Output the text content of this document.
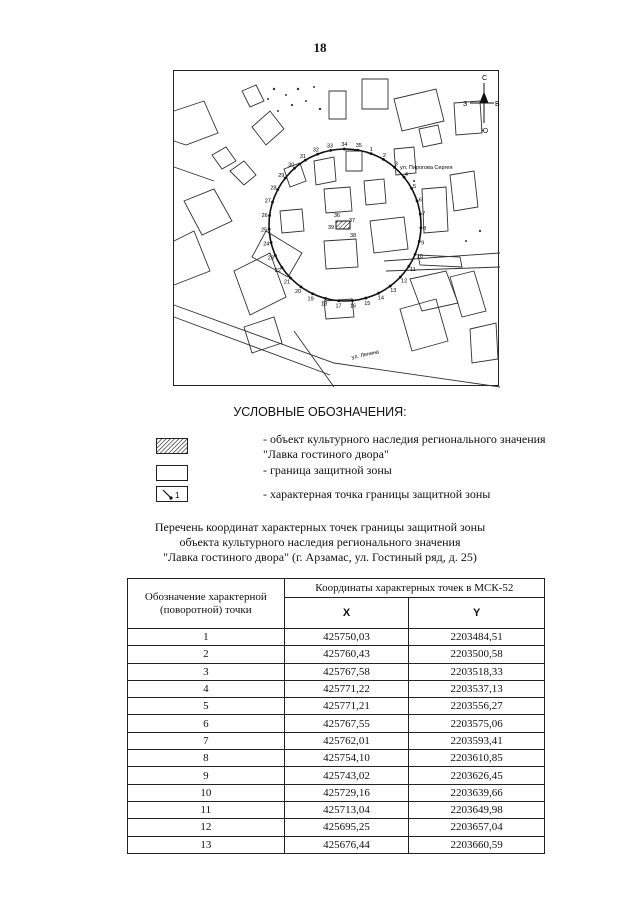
18
1
2
3
4
5
6
7
8
9
10
11
12
13
14
15
16
17
18
19
20
21
22
23
24
25
26
27
28
29
30
31
32
33 34 35
36
37
38
39
С
З	В
Ю
ул. Пирогова Сергея
ул. Ленина
УСЛОВНЫЕ ОБОЗНАЧЕНИЯ:
- объект культурного наследия регионального значения "Лавка гостиного двора"
- граница защитной зоны
1	- характерная точка границы защитной зоны
Перечень координат характерных точек границы защитной зоны
объекта культурного наследия регионального значения
"Лавка гостиного двора" (г. Арзамас, ул. Гостиный ряд, д. 25)
Обозначение характерной (поворотной) точки	Координаты характерных точек в МСК-52	
	X	Y
1	425750,03	2203484,51
2	425760,43	2203500,58
3	425767,58	2203518,33
4	425771,22	2203537,13
5	425771,21	2203556,27
6	425767,55	2203575,06
7	425762,01	2203593,41
8	425754,10	2203610,85
9	425743,02	2203626,45
10	425729,16	2203639,66
11	425713,04	2203649,98
12	425695,25	2203657,04
13	425676,44	2203660,59
